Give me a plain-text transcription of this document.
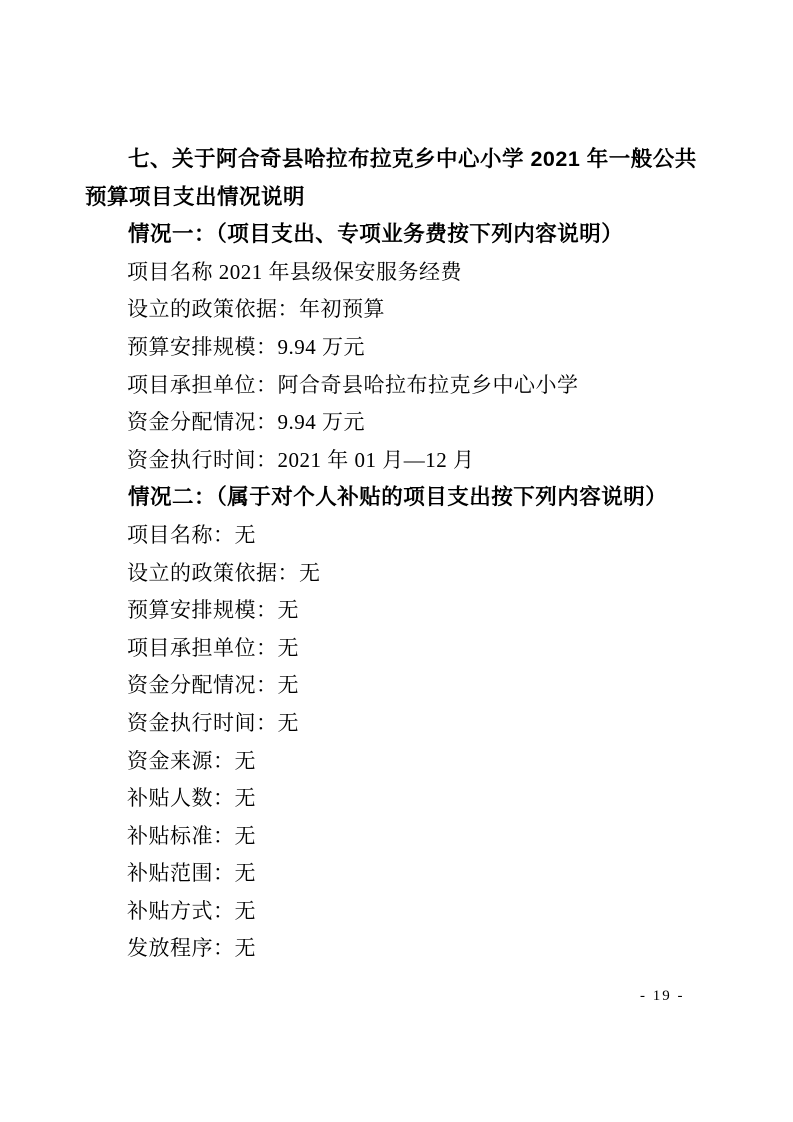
七、关于阿合奇县哈拉布拉克乡中心小学 2021 年一般公共预算项目支出情况说明

情况一：（项目支出、专项业务费按下列内容说明）

项目名称 2021 年县级保安服务经费

设立的政策依据：年初预算

预算安排规模：9.94 万元

项目承担单位：阿合奇县哈拉布拉克乡中心小学

资金分配情况：9.94 万元

资金执行时间：2021 年 01 月—12 月

情况二：（属于对个人补贴的项目支出按下列内容说明）

项目名称：无

设立的政策依据：无

预算安排规模：无

项目承担单位：无

资金分配情况：无

资金执行时间：无

资金来源：无

补贴人数：无

补贴标准：无

补贴范围：无

补贴方式：无

发放程序：无

- 19 -
